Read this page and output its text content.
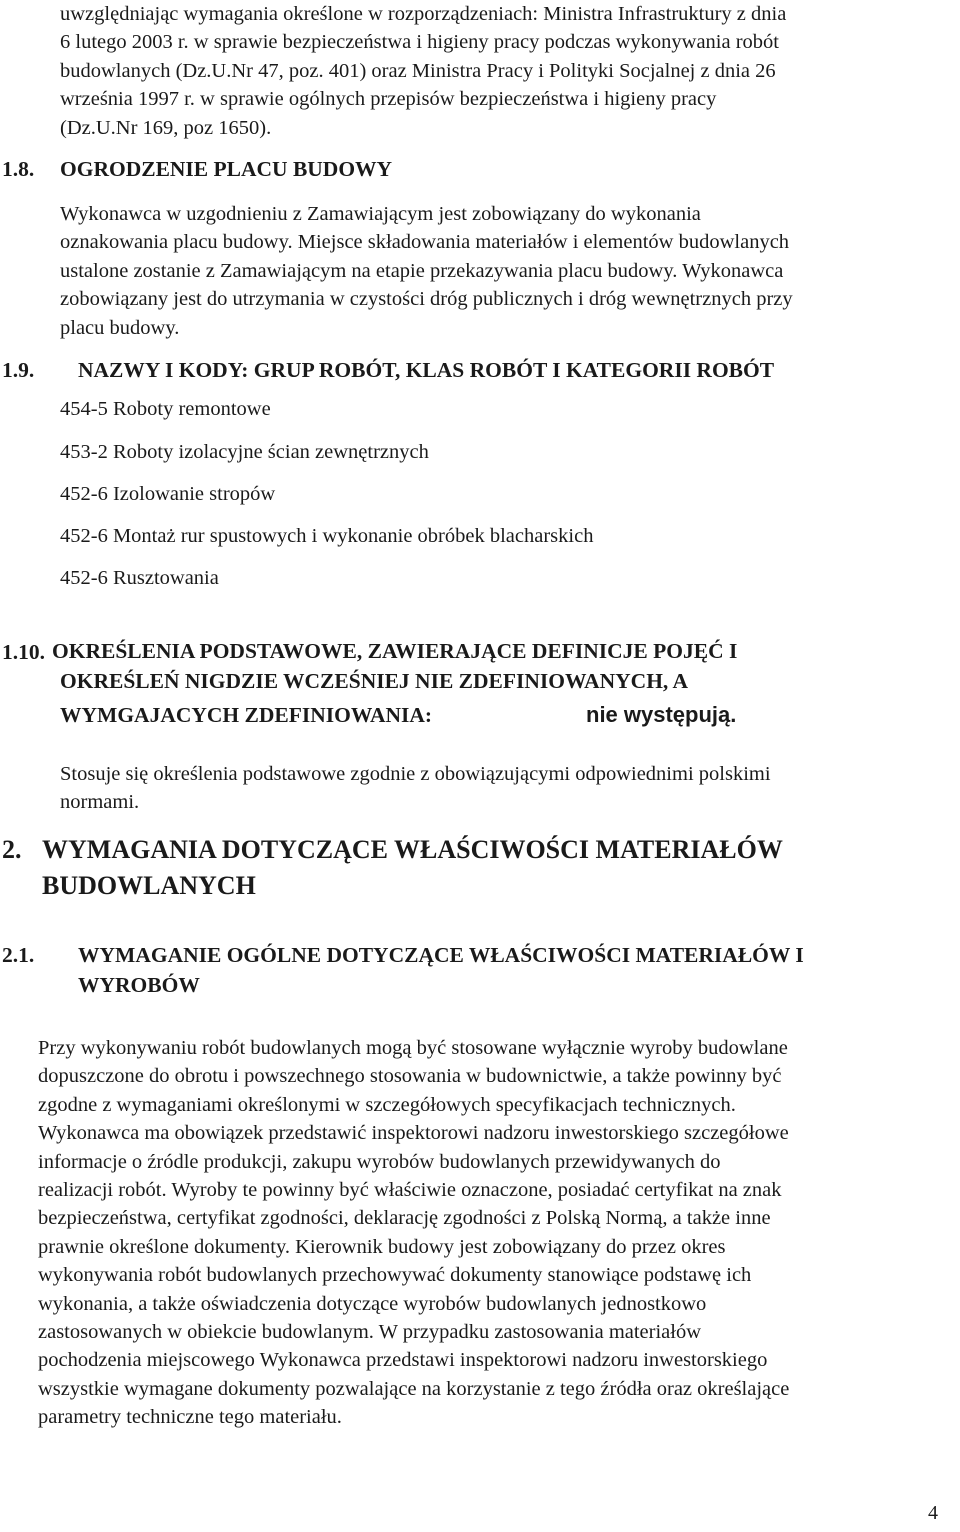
uwzględniając wymagania określone w rozporządzeniach: Ministra Infrastruktury z dnia
6 lutego 2003 r. w sprawie bezpieczeństwa i higieny pracy podczas wykonywania robót
budowlanych (Dz.U.Nr 47, poz. 401) oraz Ministra Pracy i Polityki Socjalnej z dnia 26
września 1997 r. w sprawie ogólnych przepisów bezpieczeństwa i higieny pracy
(Dz.U.Nr 169, poz 1650).
1.8. OGRODZENIE PLACU BUDOWY
Wykonawca w uzgodnieniu z Zamawiającym jest zobowiązany do wykonania
oznakowania placu budowy. Miejsce składowania materiałów i elementów budowlanych
ustalone zostanie z Zamawiającym na etapie przekazywania placu budowy. Wykonawca
zobowiązany jest do utrzymania w czystości dróg publicznych i dróg wewnętrznych przy
placu budowy.
1.9. NAZWY I KODY: GRUP ROBÓT, KLAS ROBÓT I KATEGORII ROBÓT
454-5 Roboty remontowe
453-2 Roboty izolacyjne ścian zewnętrznych
452-6 Izolowanie stropów
452-6 Montaż rur spustowych i wykonanie obróbek blacharskich
452-6 Rusztowania
1.10. OKREŚLENIA PODSTAWOWE, ZAWIERAJĄCE DEFINICJE POJĘĆ I
OKREŚLEŃ NIGDZIE WCZEŚNIEJ NIE ZDEFINIOWANYCH, A
WYMGAJACYCH ZDEFINIOWANIA:	nie występują.
Stosuje się określenia podstawowe zgodnie z obowiązującymi odpowiednimi polskimi
normami.
2. WYMAGANIA DOTYCZĄCE WŁAŚCIWOŚCI MATERIAŁÓW
BUDOWLANYCH
2.1. WYMAGANIE OGÓLNE DOTYCZĄCE WŁAŚCIWOŚCI MATERIAŁÓW I
WYROBÓW
Przy wykonywaniu robót budowlanych mogą być stosowane wyłącznie wyroby budowlane
dopuszczone do obrotu i powszechnego stosowania w budownictwie, a także powinny być
zgodne z wymaganiami określonymi w szczegółowych specyfikacjach technicznych.
Wykonawca ma obowiązek przedstawić inspektorowi nadzoru inwestorskiego szczegółowe
informacje o źródle produkcji, zakupu wyrobów budowlanych przewidywanych do
realizacji robót. Wyroby te powinny być właściwie oznaczone, posiadać certyfikat na znak
bezpieczeństwa, certyfikat zgodności, deklarację zgodności z Polską Normą, a także inne
prawnie określone dokumenty. Kierownik budowy jest zobowiązany do przez okres
wykonywania robót budowlanych przechowywać dokumenty stanowiące podstawę ich
wykonania, a także oświadczenia dotyczące wyrobów budowlanych jednostkowo
zastosowanych w obiekcie budowlanym. W przypadku zastosowania materiałów
pochodzenia miejscowego Wykonawca przedstawi inspektorowi nadzoru inwestorskiego
wszystkie wymagane dokumenty pozwalające na korzystanie z tego źródła oraz określające
parametry techniczne tego materiału.
4
